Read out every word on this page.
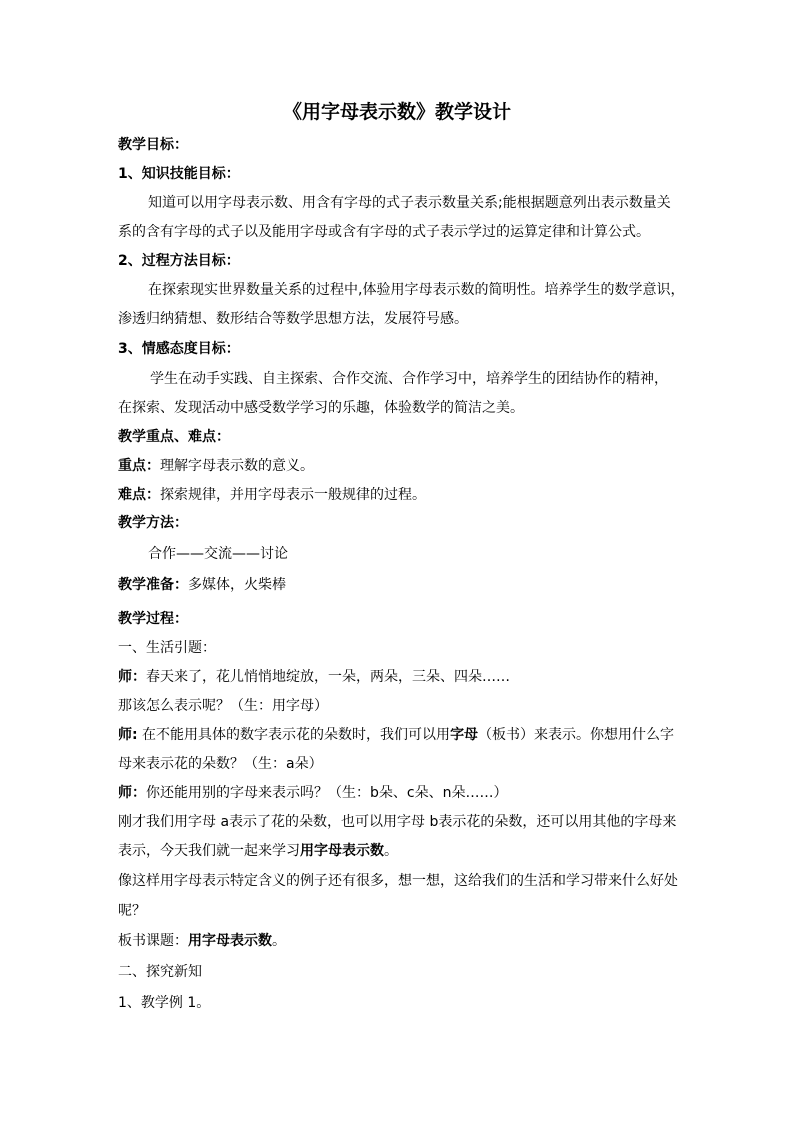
《用字母表示数》教学设计
教学目标：
1、知识技能目标：
知道可以用字母表示数、用含有字母的式子表示数量关系;能根据题意列出表示数量关
系的含有字母的式子以及能用字母或含有字母的式子表示学过的运算定律和计算公式。
2、过程方法目标：
在探索现实世界数量关系的过程中,体验用字母表示数的简明性。培养学生的数学意识，
渗透归纳猜想、数形结合等数学思想方法，发展符号感。
3、情感态度目标：
学生在动手实践、自主探索、合作交流、合作学习中，培养学生的团结协作的精神，
在探索、发现活动中感受数学学习的乐趣，体验数学的简洁之美。
教学重点、难点：
重点：理解字母表示数的意义。
难点：探索规律，并用字母表示一般规律的过程。
教学方法：
合作——交流——讨论
教学准备：多媒体，火柴棒
教学过程：
一、生活引题：
师：春天来了，花儿悄悄地绽放，一朵，两朵，三朵、四朵……
那该怎么表示呢？（生：用字母）
师: 在不能用具体的数字表示花的朵数时，我们可以用字母（板书）来表示。你想用什么字
母来表示花的朵数？（生：a朵）
师：你还能用别的字母来表示吗？（生：b朵、c朵、n朵……）
刚才我们用字母 a表示了花的朵数，也可以用字母 b表示花的朵数，还可以用其他的字母来
表示，今天我们就一起来学习用字母表示数。
像这样用字母表示特定含义的例子还有很多，想一想，这给我们的生活和学习带来什么好处
呢？
板书课题：用字母表示数。
二、探究新知
1、教学例 1。
